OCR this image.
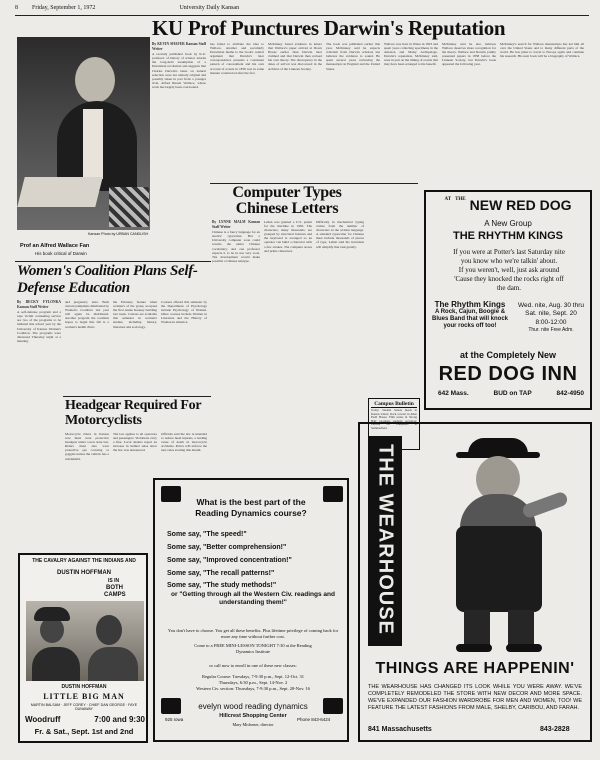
8 Friday, September 1, 1972	University Daily Kansan
Kansan Photo by URBAN CANDLISH
Prof an Alfred Wallace Fan
His book critical of Darwin
KU Prof Punctures Darwin's Reputation
By KEVIN SHAFER Kansan Staff Writer

A recently published book by K.U. professor of history of science attacks the long-held assumption of a Darwinian revolution and suggests that Charles Darwin's ideas on natural selection were not entirely original and possibly taken in part from a younger rival, Alfred Russel Wallace, whose work has largely been overlooked.

has failed to attribute the idea to Wallace. Another and peculiarly Darwinian theme is the book's central argument that Darwin's later correspondence presents a consistent pattern of concealment and his own account of events in 1858 was in some manner constructed after the fact.

McKinney found evidence in letters that Wallace's paper arrived at Down House earlier than Darwin later claimed and that Darwin then revised his own theory. The discrepancy in the dates of arrival was discovered in the archives of the Linnean Society.

The book was published earlier this year. McKinney said he expects criticism from Darwin scholars but believes the evidence is sound. He spent several years reviewing the manuscripts in England and the United States.

Wallace was born in Wales in 1823 and spent years collecting specimens in the Amazon and Malay Archipelago. Darwin's reputation, McKinney said, rests in part on the timing of events that may have been arranged to his benefit.

McKinney said he also believes Wallace deserves more recognition for the theory. Wallace and Darwin jointly presented papers in 1858 before the Linnean Society, but Darwin's book appeared the following year.

McKinney's search for Wallace manuscripts has led him all over the United States and to many different parts of the world. He has plans to travel to Europe again and continue his research. His next book will be a biography of Wallace.

Computer Types Chinese Letters
By LYNNE MALM Kansan Staff Writer

Chinese is a fancy language for an electric typewriter. But a University computer soon could rewrite the entire Chinese vocabulary, and one professor expects it to be in use very soon. The development would make possible a Chinese teletype.

Lehan was granted a U.S. patent for the machine in 1965. The characters, many thousands, are grouped by structural features and the keyboard is arranged so an operator can build a character with a few strokes. The computer stores and prints characters.

Difficulty in mechanical typing comes from the number of characters in the written language. A standard typewriter for Chinese must include thousands of pieces of type. Lehan said his invention will simplify that task greatly.

Campus Bulletin

Today: Student Senate meets in Kansas Union; Rock concert in Allen Field House; Film series in Strong Hall; Graduate students reception; Lecture on computers at Summerfield.

$^{AT}$ $^{THE}$ NEW RED DOG
A New Group
THE RHYTHM KINGS
If you were at Potter's last Saturday nite
you know who we're talkin' about.
If you weren't, well, just ask around
'Cause they knocked the rocks right off
the dam.
The Rhythm Kings
A Rock, Cajun, Boogie & Blues Band that will knock your rocks off too!
Wed. nite, Aug. 30 thru Sat. nite, Sept. 20
8:00-12:00
Thur. nite Free Adm.
at the Completely New
RED DOG INN
642 Mass.	BUD on TAP	842-4950
Women's Coalition Plans Self-Defense Education
By BECKY FYLONKA Kansan Staff Writer

A self-defense program and a rape victim counseling service are two of the programs to be initiated this school year by the University of Kansas Women's Coalition. The programs were discussed Thursday night at a meeting.

and pregnancy tests. Both current pamphlets distributed by Women's Coalition last year will again be distributed. Another program the coalition hopes to begin this fall is a women's health clinic.

the February feature when women's of the group accepted the first Annie Kenney building last week. Courses are available this semester in women's studies, including history, literature and sociology.

Courses offered this semester by the Department of Psychology include Psychology of Women. Other courses include Women in Literature and the History of Women in America.

Headgear Required For Motorcyclists

Motorcycle riders in Kansas now must wear protective headgear under a new state law. Riders must also wear protective eye covering or goggles unless the vehicle has a windshield.

The law applies to all operators and passengers. Violations carry a fine. Local dealers report an increase in helmet sales since the law was announced.

Officials said the law is intended to reduce head injuries, a leading cause of death in motorcycle accidents. Police will enforce the new rules starting this month.

THE CAVALRY AGAINST THE INDIANS AND
DUSTIN HOFFMAN
IS IN
BOTH
CAMPS
DUSTIN HOFFMAN
LITTLE BIG MAN
MARTIN BALSAM · JEFF COREY · CHIEF DAN GEORGE · FAYE DUNAWAY
Woodruff	7:00 and 9:30
Fr. & Sat., Sept. 1st and 2nd
What is the best part of the Reading Dynamics course?
Some say, "The speed!"
Some say, "Better comprehension!"
Some say, "Improved concentration!"
Some say, "The recall patterns!"
Some say, "The study methods!"
or "Getting through all the Western Civ. readings and understanding them!"
You don't have to choose. You get all these benefits. Plus lifetime privilege of coming back for more any time without further cost.
Come to a FREE MINI-LESSON TONIGHT 7:30 at the Reading Dynamics Institute
or call now to enroll in one of these new classes:
Regular Course: Tuesdays, 7-9:30 p.m., Sept. 12-Oct. 31
Thursdays, 6:30 p.m., Sept. 14-Nov. 2
Western Civ. section: Thursdays, 7-9:30 p.m., Sept. 28-Nov. 16
925 Iowa
evelyn wood reading dynamics
Hillcrest Shopping Center
Mary Michener, director
Phone 843-6424
THE WEARHOUSE
THINGS ARE HAPPENIN'
THE WEARHOUSE HAS CHANGED ITS LOOK WHILE YOU WERE AWAY. WE'VE COMPLETELY REMODELED THE STORE WITH NEW DECOR AND MORE SPACE. WE'VE EXPANDED OUR FASHION WARDROBE FOR MEN AND WOMEN, TOO! WE FEATURE THE LATEST FASHIONS FROM MALE, SHELBY, CARIBOU, AND FARAH.
841 Massachusetts	843-2828
